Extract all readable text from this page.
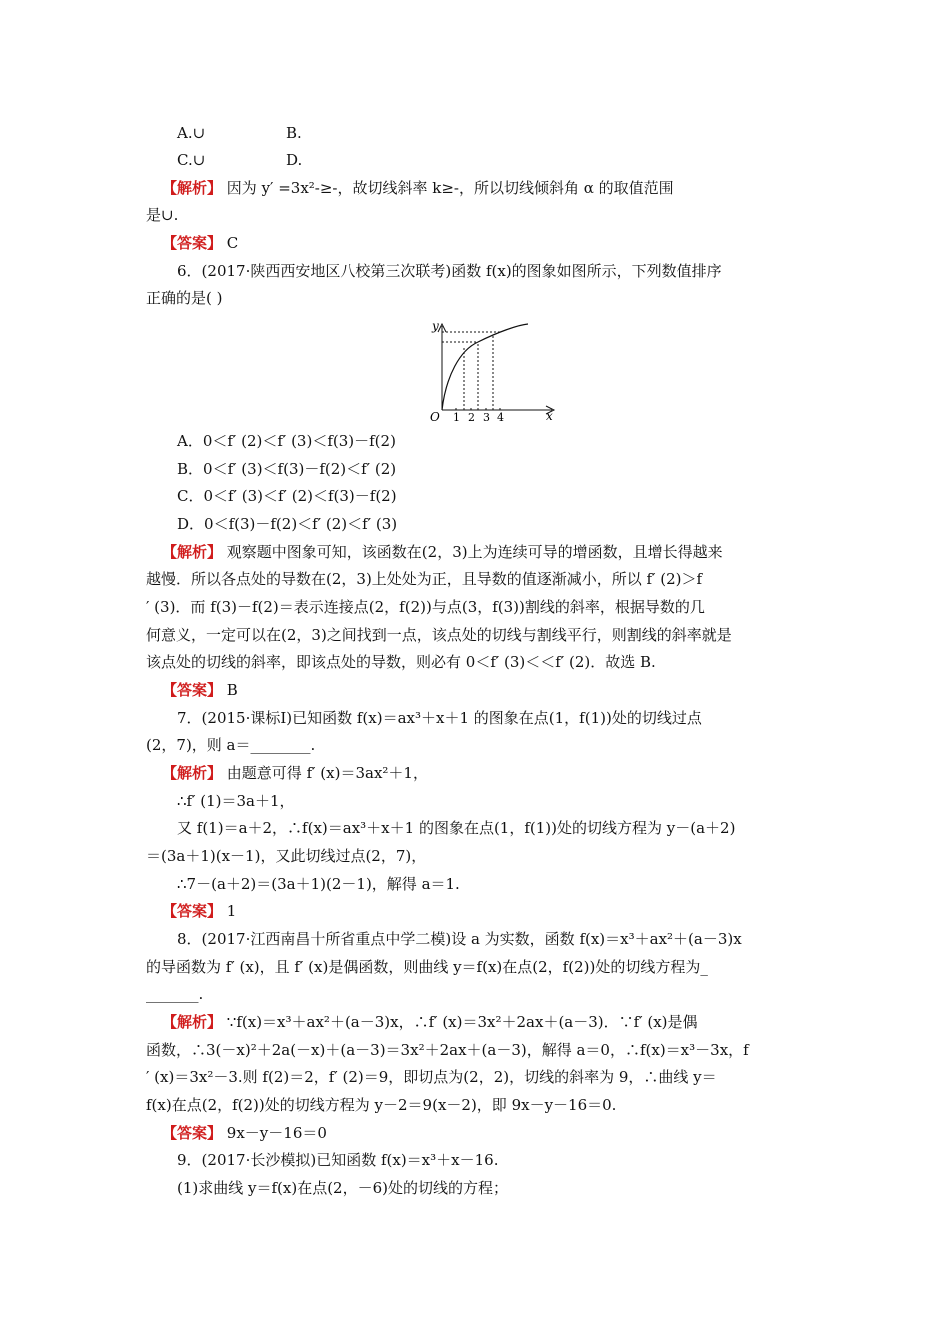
A.∪	B.
C.∪	D.
【解析】 因为 y′ =3x²-≥-，故切线斜率 k≥-，所以切线倾斜角 α 的取值范围
是∪.
【答案】 C
6．(2017·陕西西安地区八校第三次联考)函数 f(x)的图象如图所示，下列数值排序
正确的是( )
y
x
O 1 2 3 4
A．0＜f′ (2)＜f′ (3)＜f(3)－f(2)
B．0＜f′ (3)＜f(3)－f(2)＜f′ (2)
C．0＜f′ (3)＜f′ (2)＜f(3)－f(2)
D．0＜f(3)－f(2)＜f′ (2)＜f′ (3)
【解析】 观察题中图象可知，该函数在(2，3)上为连续可导的增函数，且增长得越来
越慢．所以各点处的导数在(2，3)上处处为正，且导数的值逐渐减小，所以 f′ (2)＞f
′ (3)．而 f(3)－f(2)＝表示连接点(2，f(2))与点(3，f(3))割线的斜率，根据导数的几
何意义，一定可以在(2，3)之间找到一点，该点处的切线与割线平行，则割线的斜率就是
该点处的切线的斜率，即该点处的导数，则必有 0＜f′ (3)＜＜f′ (2)．故选 B.
【答案】 B
7．(2015·课标Ⅰ)已知函数 f(x)＝ax³＋x＋1 的图象在点(1，f(1))处的切线过点
(2，7)，则 a＝________.
【解析】 由题意可得 f′ (x)＝3ax²＋1，
∴f′ (1)＝3a＋1，
又 f(1)＝a＋2，∴f(x)＝ax³＋x＋1 的图象在点(1，f(1))处的切线方程为 y－(a＋2)
＝(3a＋1)(x－1)，又此切线过点(2，7)，
∴7－(a＋2)＝(3a＋1)(2－1)，解得 a＝1.
【答案】 1
8．(2017·江西南昌十所省重点中学二模)设 a 为实数，函数 f(x)＝x³＋ax²＋(a－3)x
的导函数为 f′ (x)，且 f′ (x)是偶函数，则曲线 y＝f(x)在点(2，f(2))处的切线方程为_
_______.
【解析】 ∵f(x)＝x³＋ax²＋(a－3)x，∴f′ (x)＝3x²＋2ax＋(a－3)．∵f′ (x)是偶
函数，∴3(－x)²＋2a(－x)＋(a－3)＝3x²＋2ax＋(a－3)，解得 a＝0，∴f(x)＝x³－3x，f
′ (x)＝3x²－3.则 f(2)＝2，f′ (2)＝9，即切点为(2，2)，切线的斜率为 9，∴曲线 y＝
f(x)在点(2，f(2))处的切线方程为 y－2＝9(x－2)，即 9x－y－16＝0.
【答案】 9x－y－16＝0
9．(2017·长沙模拟)已知函数 f(x)＝x³＋x－16.
(1)求曲线 y＝f(x)在点(2，－6)处的切线的方程；
